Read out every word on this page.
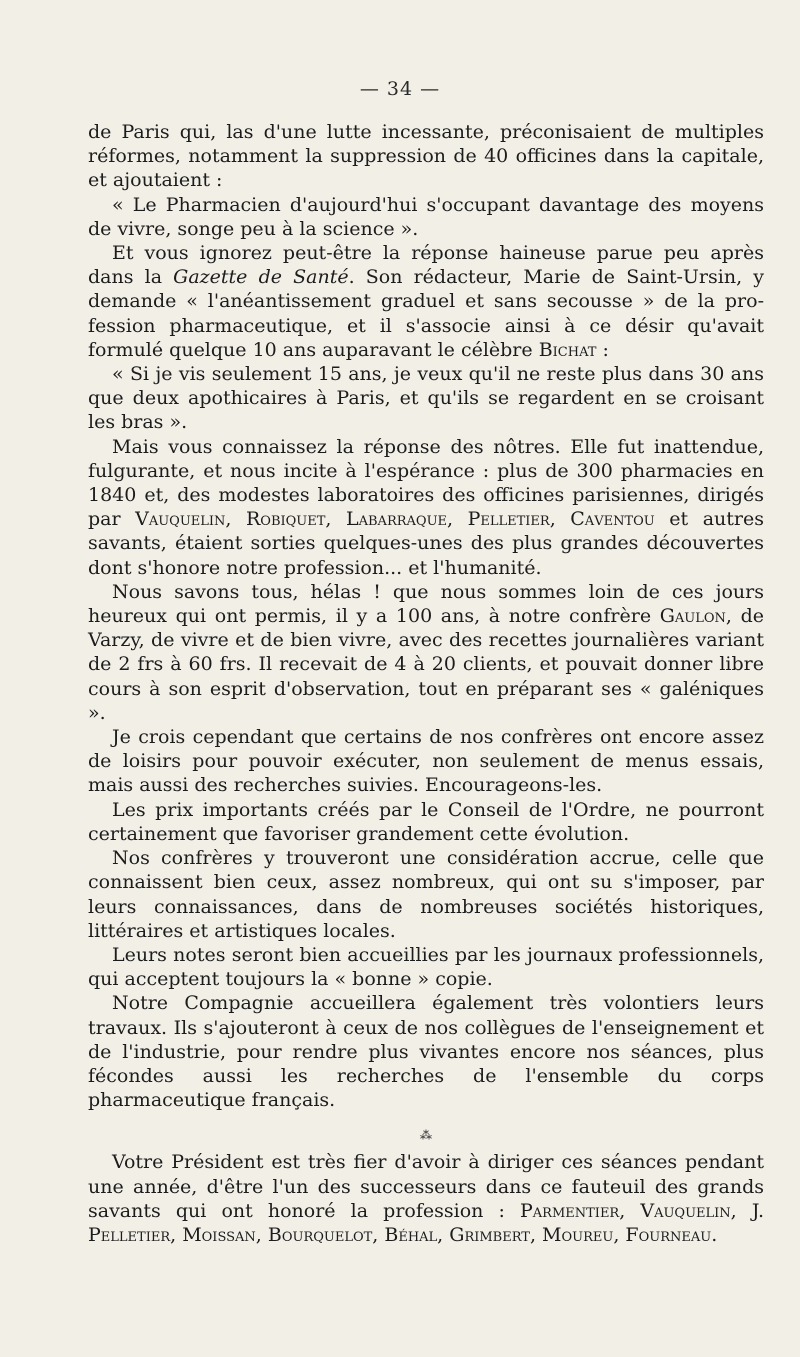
— 34 —

de Paris qui, las d'une lutte incessante, préconisaient de multiples réformes, notamment la suppression de 40 officines dans la capitale, et ajoutaient :

« Le Pharmacien d'aujourd'hui s'occupant davantage des moyens de vivre, songe peu à la science ».

Et vous ignorez peut-être la réponse haineuse parue peu après dans la Gazette de Santé. Son rédacteur, Marie de Saint-Ursin, y demande « l'anéantissement graduel et sans secousse » de la profession pharmaceutique, et il s'associe ainsi à ce désir qu'avait formulé quelque 10 ans auparavant le célèbre Bichat :

« Si je vis seulement 15 ans, je veux qu'il ne reste plus dans 30 ans que deux apothicaires à Paris, et qu'ils se regardent en se croisant les bras ».

Mais vous connaissez la réponse des nôtres. Elle fut inattendue, fulgurante, et nous incite à l'espérance : plus de 300 pharmacies en 1840 et, des modestes laboratoires des officines parisiennes, dirigés par Vauquelin, Robiquet, Labarraque, Pelletier, Caventou et autres savants, étaient sorties quelques-unes des plus grandes découvertes dont s'honore notre profession... et l'humanité.

Nous savons tous, hélas ! que nous sommes loin de ces jours heureux qui ont permis, il y a 100 ans, à notre confrère Gaulon, de Varzy, de vivre et de bien vivre, avec des recettes journalières variant de 2 frs à 60 frs. Il recevait de 4 à 20 clients, et pouvait donner libre cours à son esprit d'observation, tout en préparant ses « galéniques ».

Je crois cependant que certains de nos confrères ont encore assez de loisirs pour pouvoir exécuter, non seulement de menus essais, mais aussi des recherches suivies. Encourageons-les.

Les prix importants créés par le Conseil de l'Ordre, ne pourront certainement que favoriser grandement cette évolution.

Nos confrères y trouveront une considération accrue, celle que connaissent bien ceux, assez nombreux, qui ont su s'imposer, par leurs connaissances, dans de nombreuses sociétés historiques, littéraires et artistiques locales.

Leurs notes seront bien accueillies par les journaux professionnels, qui acceptent toujours la « bonne » copie.

Notre Compagnie accueillera également très volontiers leurs travaux. Ils s'ajouteront à ceux de nos collègues de l'enseignement et de l'industrie, pour rendre plus vivantes encore nos séances, plus fécondes aussi les recherches de l'ensemble du corps pharmaceutique français.

⁂

Votre Président est très fier d'avoir à diriger ces séances pendant une année, d'être l'un des successeurs dans ce fauteuil des grands savants qui ont honoré la profession : Parmentier, Vauquelin, J. Pelletier, Moissan, Bourquelot, Béhal, Grimbert, Moureu, Fourneau.
